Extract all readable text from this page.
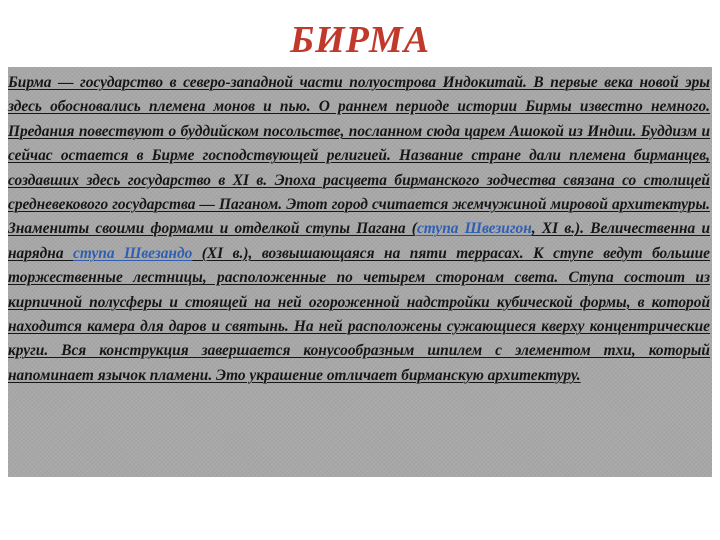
БИРМА

Бирма — государство в северо-западной части полуострова Индокитай. В первые века новой эры здесь обосновались племена монов и пью. О раннем периоде истории Бирмы известно немного. Предания повествуют о буддийском посольстве, посланном сюда царем Ашокой из Индии. Буддизм и сейчас остается в Бирме господствующей религией. Название стране дали племена бирманцев, создавших здесь государство в XI в. Эпоха расцвета бирманского зодчества связана со столицей средневекового государства — Паганом. Этот город считается жемчужиной мировой архитектуры. Знамениты своими формами и отделкой ступы Пагана (ступа Швезигон, XI в.). Величественна и нарядна ступа Швезандо (XI в.), возвышающаяся на пяти террасах. К ступе ведут большие торжественные лестницы, расположенные по четырем сторонам света. Ступа состоит из кирпичной полусферы и стоящей на ней огороженной надстройки кубической формы, в которой находится камера для даров и святынь. На ней расположены сужающиеся кверху концентрические круги. Вся конструкция завершается конусообразным шпилем с элементом тхи, который напоминает язычок пламени. Это украшение отличает бирманскую архитектуру.
